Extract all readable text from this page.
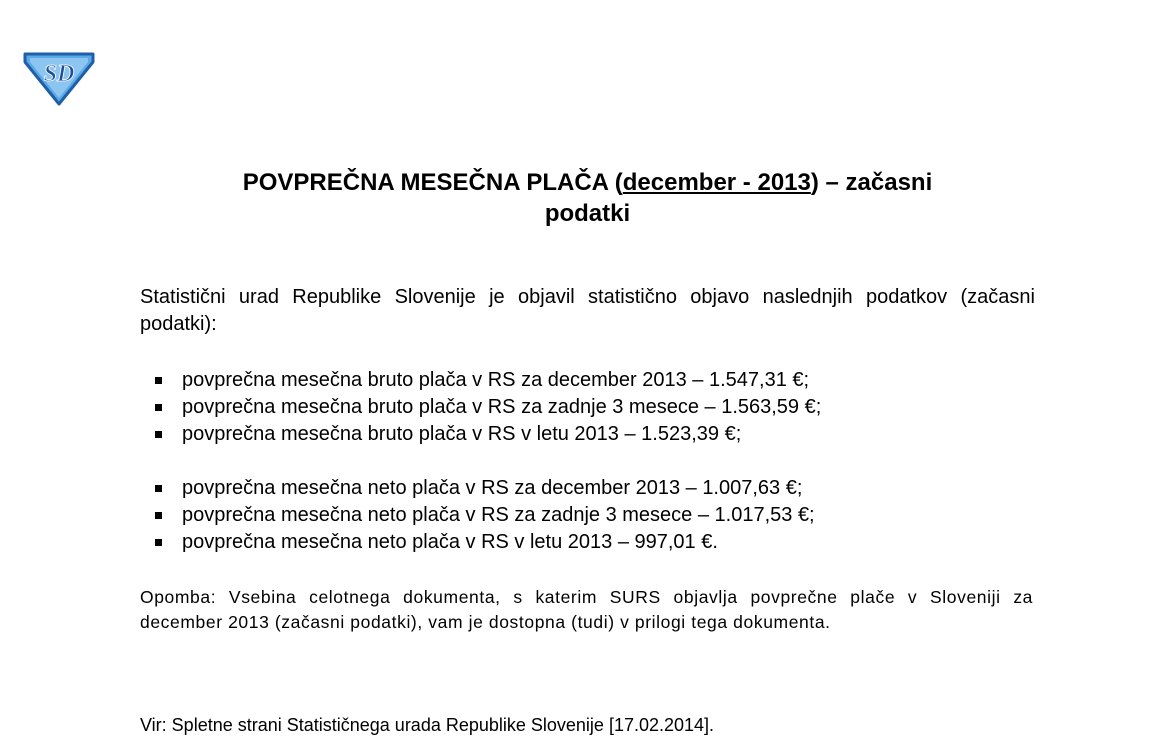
SD
POVPREČNA MESEČNA PLAČA (december - 2013) – začasni
podatki
Statistični urad Republike Slovenije je objavil statistično objavo naslednjih podatkov (začasni podatki):
povprečna mesečna bruto plača v RS za december 2013 – 1.547,31 €;
povprečna mesečna bruto plača v RS za zadnje 3 mesece – 1.563,59 €;
povprečna mesečna bruto plača v RS v letu 2013 – 1.523,39 €;
povprečna mesečna neto plača v RS za december 2013 – 1.007,63 €;
povprečna mesečna neto plača v RS za zadnje 3 mesece – 1.017,53 €;
povprečna mesečna neto plača v RS v letu 2013 – 997,01 €.
Opomba: Vsebina celotnega dokumenta, s katerim SURS objavlja povprečne plače v Sloveniji za december 2013 (začasni podatki), vam je dostopna (tudi) v prilogi tega dokumenta.
Vir: Spletne strani Statističnega urada Republike Slovenije [17.02.2014].
